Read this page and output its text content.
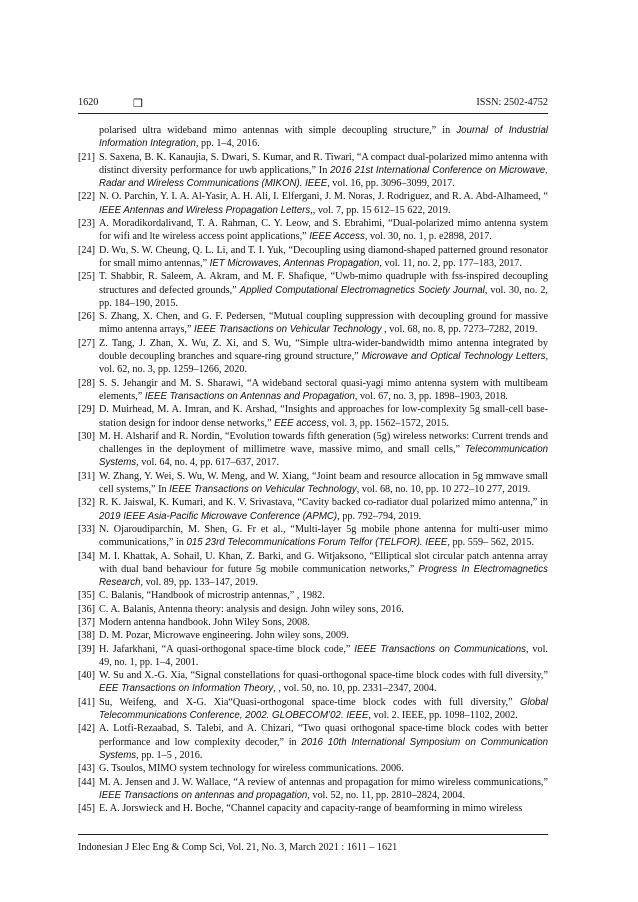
1620	❒	ISSN: 2502-4752
polarised ultra wideband mimo antennas with simple decoupling structure,” in Journal of Industrial Information Integration, pp. 1–4, 2016.
[21] S. Saxena, B. K. Kanaujia, S. Dwari, S. Kumar, and R. Tiwari, “A compact dual-polarized mimo antenna with distinct diversity performance for uwb applications,” In 2016 21st International Conference on Microwave, Radar and Wireless Communications (MIKON). IEEE, vol. 16, pp. 3096–3099, 2017.
[22] N. O. Parchin, Y. I. A. Al-Yasir, A. H. Ali, I. Elfergani, J. M. Noras, J. Rodriguez, and R. A. Abd-Alhameed, “ IEEE Antennas and Wireless Propagation Letters,, vol. 7, pp. 15 612–15 622, 2019.
[23] A. Moradikordalivand, T. A. Rahman, C. Y. Leow, and S. Ebrahimi, “Dual-polarized mimo antenna system for wifi and lte wireless access point applications,” IEEE Access, vol. 30, no. 1, p. e2898, 2017.
[24] D. Wu, S. W. Cheung, Q. L. Li, and T. I. Yuk, “Decoupling using diamond-shaped patterned ground resonator for small mimo antennas,” IET Microwaves, Antennas Propagation, vol. 11, no. 2, pp. 177–183, 2017.
[25] T. Shabbir, R. Saleem, A. Akram, and M. F. Shafique, “Uwb-mimo quadruple with fss-inspired decoupling structures and defected grounds,” Applied Computational Electromagnetics Society Journal, vol. 30, no. 2, pp. 184–190, 2015.
[26] S. Zhang, X. Chen, and G. F. Pedersen, “Mutual coupling suppression with decoupling ground for massive mimo antenna arrays,” IEEE Transactions on Vehicular Technology , vol. 68, no. 8, pp. 7273–7282, 2019.
[27] Z. Tang, J. Zhan, X. Wu, Z. Xi, and S. Wu, “Simple ultra-wider-bandwidth mimo antenna integrated by double decoupling branches and square-ring ground structure,” Microwave and Optical Technology Letters, vol. 62, no. 3, pp. 1259–1266, 2020.
[28] S. S. Jehangir and M. S. Sharawi, “A wideband sectoral quasi-yagi mimo antenna system with multibeam elements,” IEEE Transactions on Antennas and Propagation, vol. 67, no. 3, pp. 1898–1903, 2018.
[29] D. Muirhead, M. A. Imran, and K. Arshad, “Insights and approaches for low-complexity 5g small-cell base-station design for indoor dense networks,” EEE access, vol. 3, pp. 1562–1572, 2015.
[30] M. H. Alsharif and R. Nordin, “Evolution towards fifth generation (5g) wireless networks: Current trends and challenges in the deployment of millimetre wave, massive mimo, and small cells,” Telecommunication Systems, vol. 64, no. 4, pp. 617–637, 2017.
[31] W. Zhang, Y. Wei, S. Wu, W. Meng, and W. Xiang, “Joint beam and resource allocation in 5g mmwave small cell systems,” In IEEE Transactions on Vehicular Technology, vol. 68, no. 10, pp. 10 272–10 277, 2019.
[32] R. K. Jaiswal, K. Kumari, and K. V. Srivastava, “Cavity backed co-radiator dual polarized mimo antenna,” in 2019 IEEE Asia-Pacific Microwave Conference (APMC), pp. 792–794, 2019.
[33] N. Ojaroudiparchin, M. Shen, G. Fr et al., “Multi-layer 5g mobile phone antenna for multi-user mimo communications,” in 015 23rd Telecommunications Forum Telfor (TELFOR). IEEE, pp. 559– 562, 2015.
[34] M. I. Khattak, A. Sohail, U. Khan, Z. Barki, and G. Witjaksono, “Elliptical slot circular patch antenna array with dual band behaviour for future 5g mobile communication networks,” Progress In Electromagnetics Research, vol. 89, pp. 133–147, 2019.
[35] C. Balanis, “Handbook of microstrip antennas,” , 1982.
[36] C. A. Balanis, Antenna theory: analysis and design. John wiley sons, 2016.
[37] Modern antenna handbook. John Wiley Sons, 2008.
[38] D. M. Pozar, Microwave engineering. John wiley sons, 2009.
[39] H. Jafarkhani, “A quasi-orthogonal space-time block code,” IEEE Transactions on Communications, vol. 49, no. 1, pp. 1–4, 2001.
[40] W. Su and X.-G. Xia, “Signal constellations for quasi-orthogonal space-time block codes with full diversity,” EEE Transactions on Information Theory, , vol. 50, no. 10, pp. 2331–2347, 2004.
[41] Su, Weifeng, and X-G. Xia“Quasi-orthogonal space-time block codes with full diversity,” Global Telecommunications Conference, 2002. GLOBECOM’02. IEEE, vol. 2. IEEE, pp. 1098–1102, 2002.
[42] A. Lotfi-Rezaabad, S. Talebi, and A. Chizari, “Two quasi orthogonal space-time block codes with better performance and low complexity decoder,” in 2016 10th International Symposium on Communication Systems, pp. 1–5 , 2016.
[43] G. Tsoulos, MIMO system technology for wireless communications. 2006.
[44] M. A. Jensen and J. W. Wallace, “A review of antennas and propagation for mimo wireless communications,” IEEE Transactions on antennas and propagation, vol. 52, no. 11, pp. 2810–2824, 2004.
[45] E. A. Jorswieck and H. Boche, “Channel capacity and capacity-range of beamforming in mimo wireless
Indonesian J Elec Eng & Comp Sci, Vol. 21, No. 3, March 2021 : 1611 – 1621
